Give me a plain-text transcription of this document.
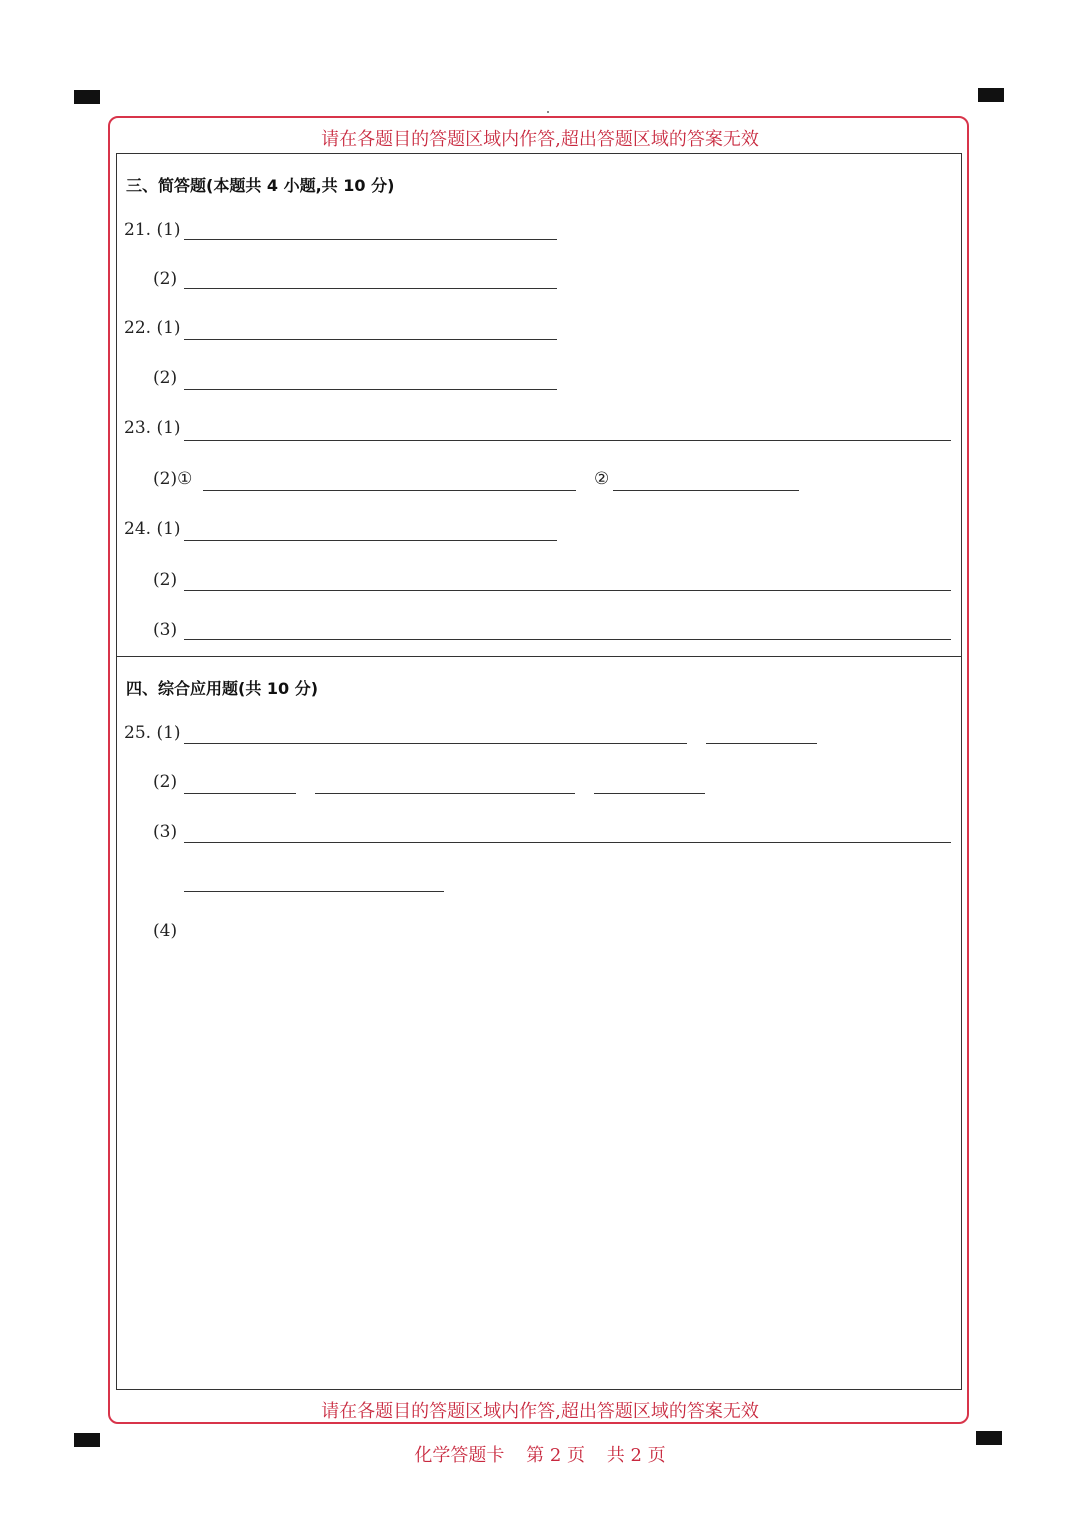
请在各题目的答题区域内作答,超出答题区域的答案无效
请在各题目的答题区域内作答,超出答题区域的答案无效
三、简答题(本题共 4 小题,共 10 分)
21. (1)
(2)
22. (1)
(2)
23. (1)
(2)①	②
24. (1)
(2)
(3)
四、综合应用题(共 10 分)
25. (1)
(2)
(3)
(4)
化学答题卡 第 2 页 共 2 页
